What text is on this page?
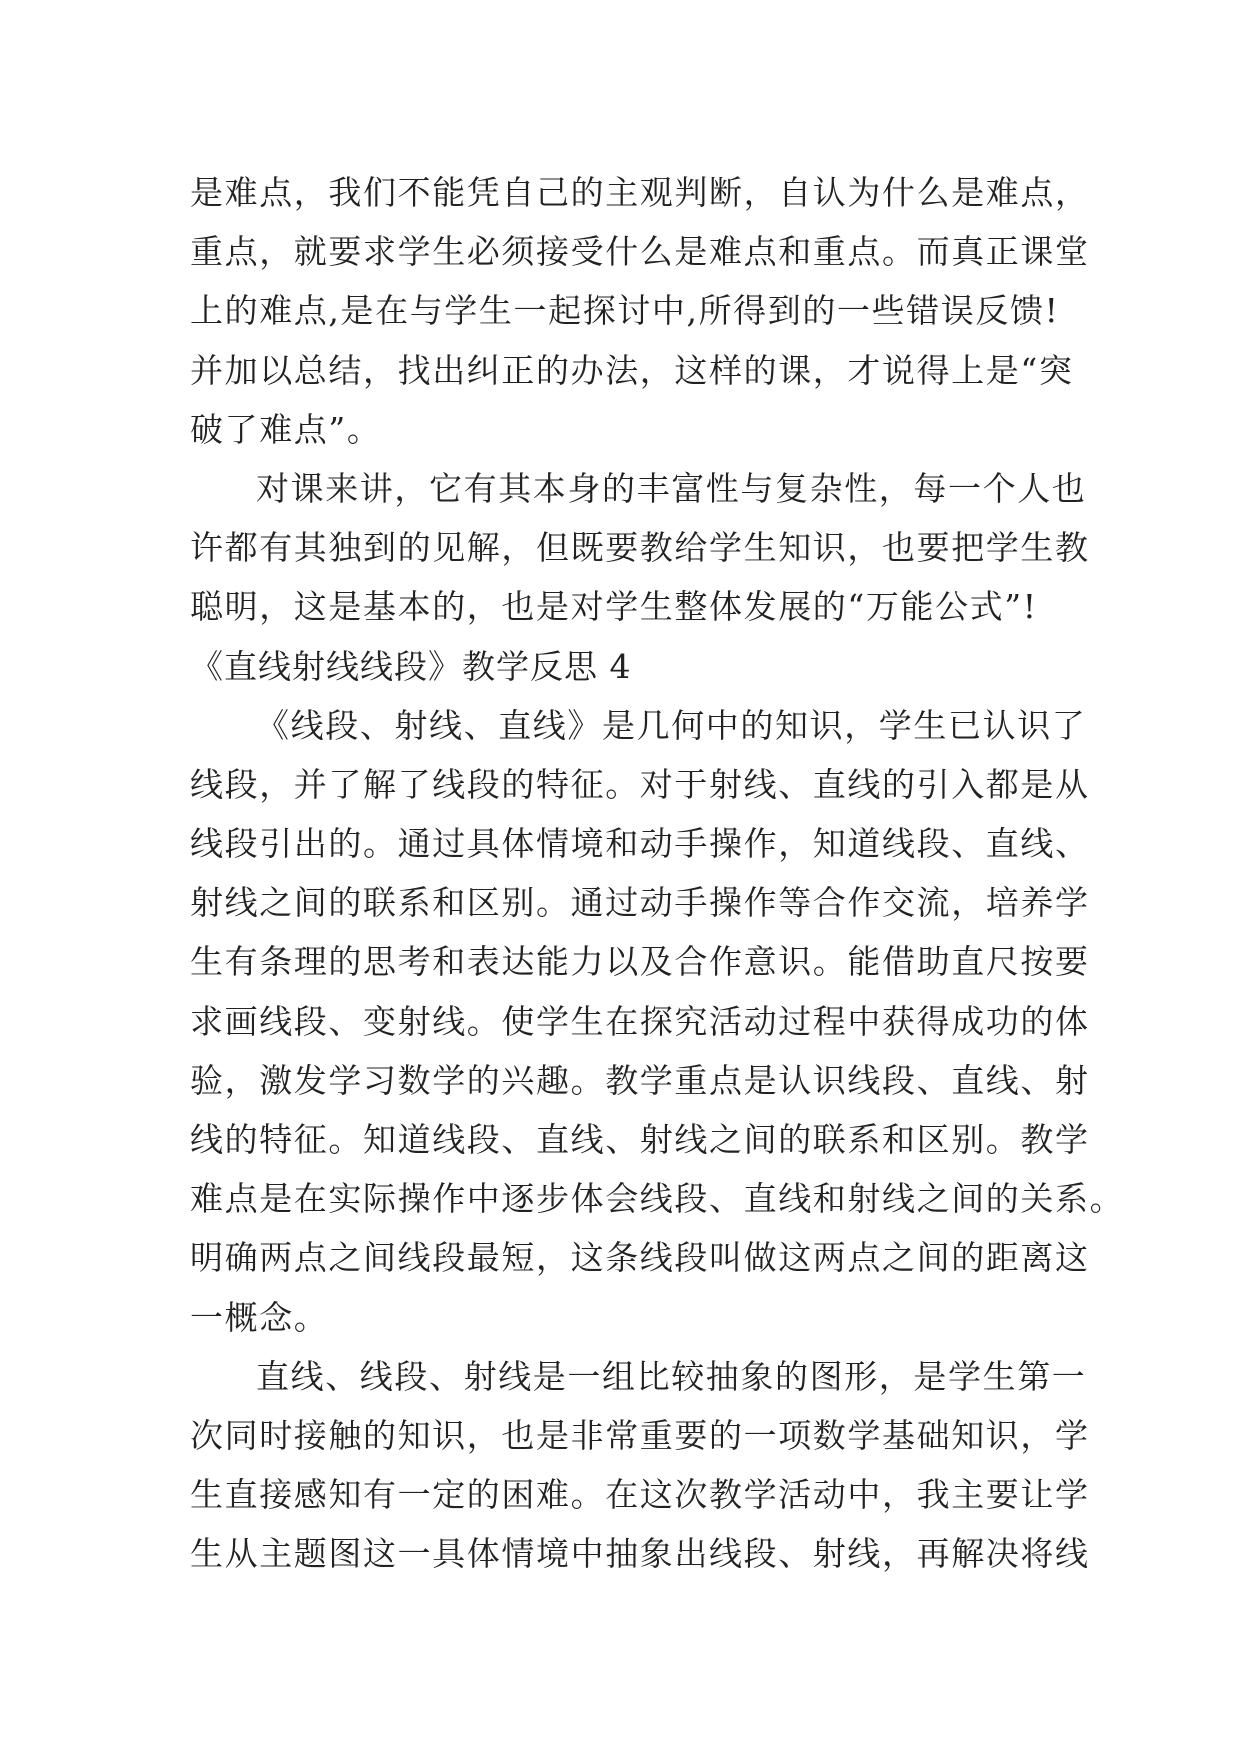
是难点，我们不能凭自己的主观判断，自认为什么是难点，
重点，就要求学生必须接受什么是难点和重点。而真正课堂
上的难点,是在与学生一起探讨中,所得到的一些错误反馈!
并加以总结，找出纠正的办法，这样的课，才说得上是“突
破了难点”。
对课来讲，它有其本身的丰富性与复杂性，每一个人也
许都有其独到的见解，但既要教给学生知识，也要把学生教
聪明，这是基本的，也是对学生整体发展的“万能公式”!
《直线射线线段》教学反思 4
《线段、射线、直线》是几何中的知识，学生已认识了
线段，并了解了线段的特征。对于射线、直线的引入都是从
线段引出的。通过具体情境和动手操作，知道线段、直线、
射线之间的联系和区别。通过动手操作等合作交流，培养学
生有条理的思考和表达能力以及合作意识。能借助直尺按要
求画线段、变射线。使学生在探究活动过程中获得成功的体
验，激发学习数学的兴趣。教学重点是认识线段、直线、射
线的特征。知道线段、直线、射线之间的联系和区别。教学
难点是在实际操作中逐步体会线段、直线和射线之间的关系。
明确两点之间线段最短，这条线段叫做这两点之间的距离这
一概念。
直线、线段、射线是一组比较抽象的图形，是学生第一
次同时接触的知识，也是非常重要的一项数学基础知识，学
生直接感知有一定的困难。在这次教学活动中，我主要让学
生从主题图这一具体情境中抽象出线段、射线，再解决将线
